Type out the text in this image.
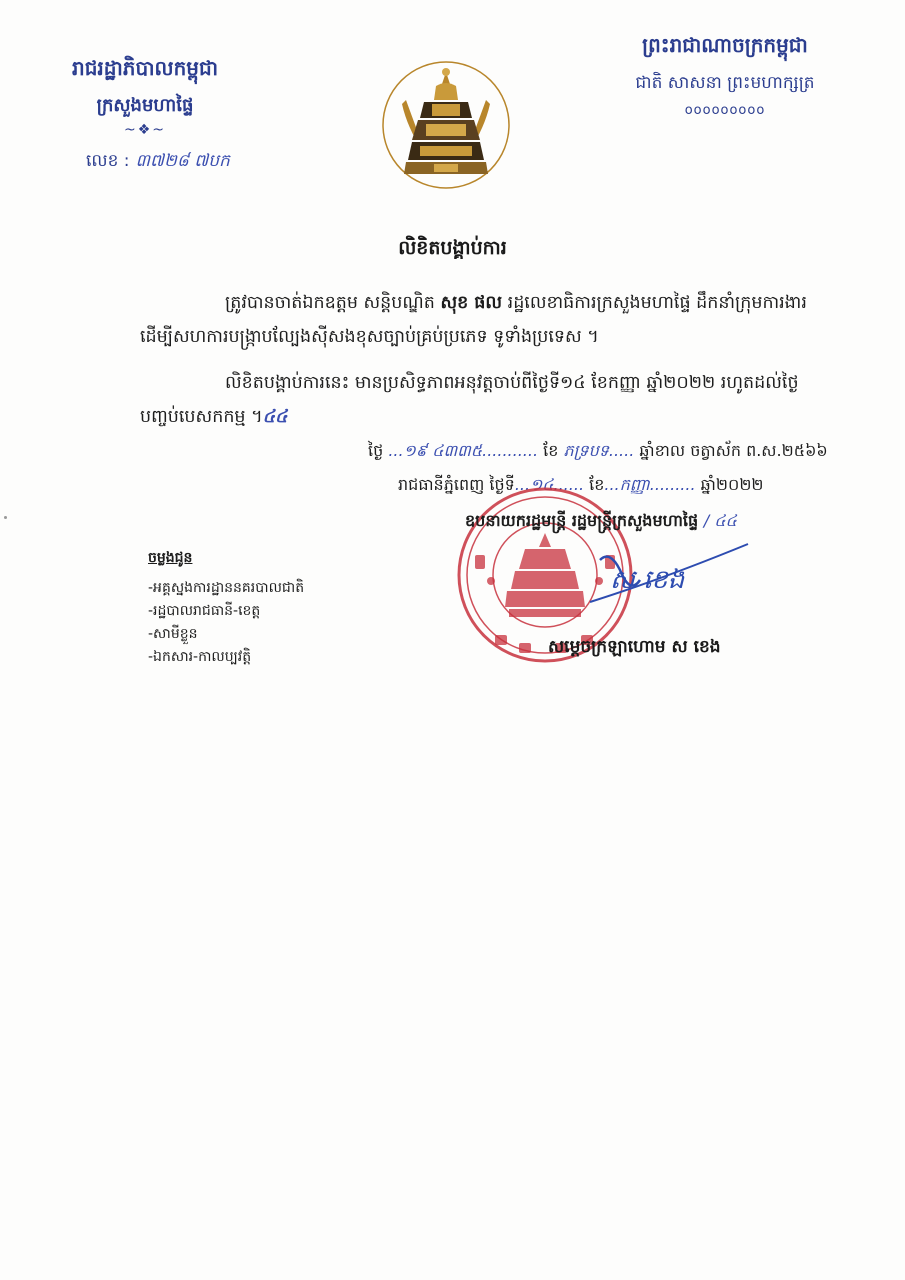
រាជរដ្ឋាភិបាលកម្ពុជា
ក្រសួងមហាផ្ទៃ
~❖~
លេខ : ៣៧២៨ ៧បក
ព្រះរាជាណាចក្រកម្ពុជា
ជាតិ សាសនា ព្រះមហាក្សត្រ
ooooooooo
លិខិតបង្គាប់ការ
ត្រូវបានចាត់ឯកឧត្តម សន្តិបណ្ឌិត សុខ ផល រដ្ឋលេខាធិការក្រសួងមហាផ្ទៃ ដឹកនាំក្រុមការងារ ដើម្បីសហការបង្ក្រាបល្បែងស៊ីសងខុសច្បាប់គ្រប់ប្រភេទ ទូទាំងប្រទេស ។
លិខិតបង្គាប់ការនេះ មានប្រសិទ្ធភាពអនុវត្តចាប់ពីថ្ងៃទី១៤ ខែកញ្ញា ឆ្នាំ២០២២ រហូតដល់ថ្ងៃបញ្ចប់បេសកកម្ម ។៤៤
ថ្ងៃ ...១៩ ៤៣៣៥........... ខែ ភទ្របទ..... ឆ្នាំខាល ចត្វាស័ក ព.ស.២៥៦៦
រាជធានីភ្នំពេញ ថ្ងៃទី...១៤...... ខែ...កញ្ញា......... ឆ្នាំ២០២២
ចម្លងជូន
-អគ្គស្នងការដ្ឋាននគរបាលជាតិ
-រដ្ឋបាលរាជធានី-ខេត្ត
-សាមីខ្លួន
-ឯកសារ-កាលប្បវត្តិ
ឧបនាយករដ្ឋមន្ត្រី រដ្ឋមន្ត្រីក្រសួងមហាផ្ទៃ / ៤៤
ស ខេង
សម្តេចក្រឡាហោម ស ខេង
